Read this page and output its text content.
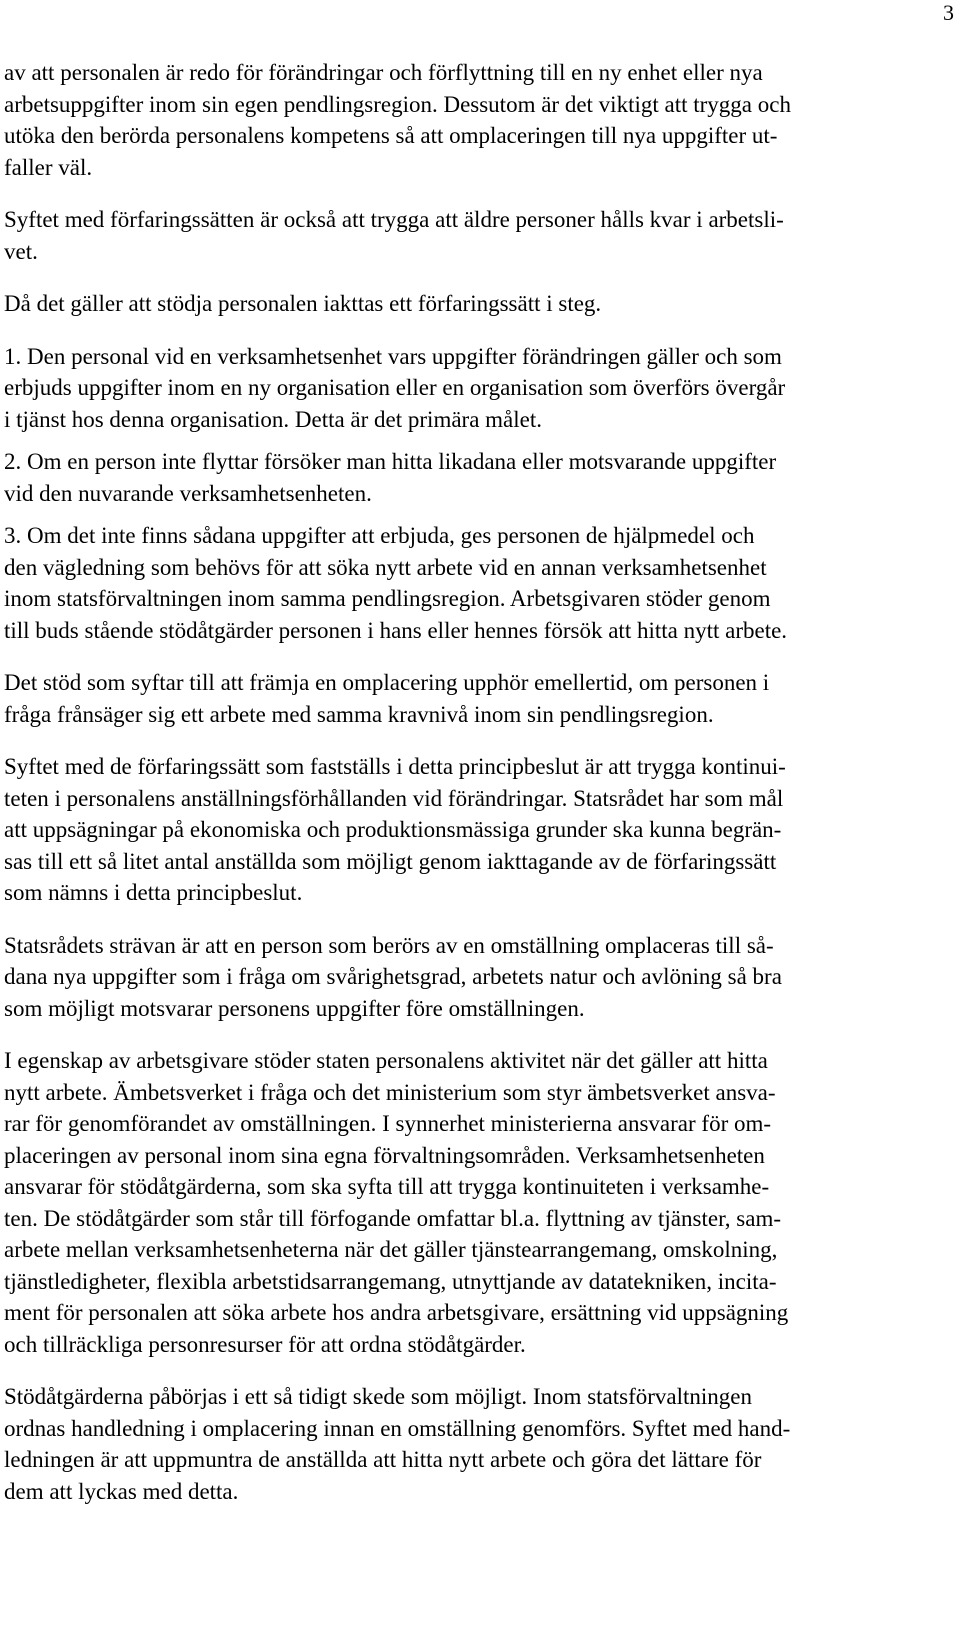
3

av att personalen är redo för förändringar och förflyttning till en ny enhet eller nya
arbetsuppgifter inom sin egen pendlingsregion. Dessutom är det viktigt att trygga och
utöka den berörda personalens kompetens så att omplaceringen till nya uppgifter ut-
faller väl.

Syftet med förfaringssätten är också att trygga att äldre personer hålls kvar i arbetsli-
vet.

Då det gäller att stödja personalen iakttas ett förfaringssätt i steg.

1. Den personal vid en verksamhetsenhet vars uppgifter förändringen gäller och som
erbjuds uppgifter inom en ny organisation eller en organisation som överförs övergår
i tjänst hos denna organisation. Detta är det primära målet.

2. Om en person inte flyttar försöker man hitta likadana eller motsvarande uppgifter
vid den nuvarande verksamhetsenheten.

3. Om det inte finns sådana uppgifter att erbjuda, ges personen de hjälpmedel och
den vägledning som behövs för att söka nytt arbete vid en annan verksamhetsenhet
inom statsförvaltningen inom samma pendlingsregion. Arbetsgivaren stöder genom
till buds stående stödåtgärder personen i hans eller hennes försök att hitta nytt arbete.

Det stöd som syftar till att främja en omplacering upphör emellertid, om personen i
fråga frånsäger sig ett arbete med samma kravnivå inom sin pendlingsregion.

Syftet med de förfaringssätt som fastställs i detta principbeslut är att trygga kontinui-
teten i personalens anställningsförhållanden vid förändringar. Statsrådet har som mål
att uppsägningar på ekonomiska och produktionsmässiga grunder ska kunna begrän-
sas till ett så litet antal anställda som möjligt genom iakttagande av de förfaringssätt
som nämns i detta principbeslut.

Statsrådets strävan är att en person som berörs av en omställning omplaceras till så-
dana nya uppgifter som i fråga om svårighetsgrad, arbetets natur och avlöning så bra
som möjligt motsvarar personens uppgifter före omställningen.

I egenskap av arbetsgivare stöder staten personalens aktivitet när det gäller att hitta
nytt arbete. Ämbetsverket i fråga och det ministerium som styr ämbetsverket ansva-
rar för genomförandet av omställningen. I synnerhet ministerierna ansvarar för om-
placeringen av personal inom sina egna förvaltningsområden. Verksamhetsenheten
ansvarar för stödåtgärderna, som ska syfta till att trygga kontinuiteten i verksamhe-
ten. De stödåtgärder som står till förfogande omfattar bl.a. flyttning av tjänster, sam-
arbete mellan verksamhetsenheterna när det gäller tjänstearrangemang, omskolning,
tjänstledigheter, flexibla arbetstidsarrangemang, utnyttjande av datatekniken, incita-
ment för personalen att söka arbete hos andra arbetsgivare, ersättning vid uppsägning
och tillräckliga personresurser för att ordna stödåtgärder.

Stödåtgärderna påbörjas i ett så tidigt skede som möjligt. Inom statsförvaltningen
ordnas handledning i omplacering innan en omställning genomförs. Syftet med hand-
ledningen är att uppmuntra de anställda att hitta nytt arbete och göra det lättare för
dem att lyckas med detta.
